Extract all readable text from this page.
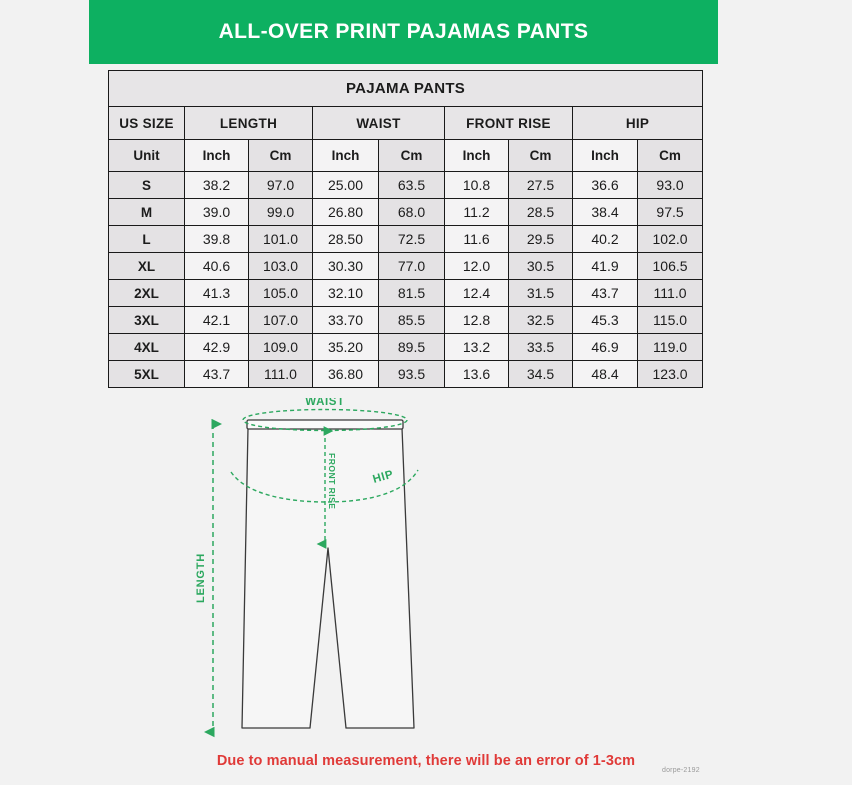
ALL-OVER PRINT PAJAMAS PANTS
PAJAMA PANTS								
US SIZE	LENGTH		WAIST		FRONT RISE		HIP	
Unit	Inch	Cm	Inch	Cm	Inch	Cm	Inch	Cm
S	38.2	97.0	25.00	63.5	10.8	27.5	36.6	93.0
M	39.0	99.0	26.80	68.0	11.2	28.5	38.4	97.5
L	39.8	101.0	28.50	72.5	11.6	29.5	40.2	102.0
XL	40.6	103.0	30.30	77.0	12.0	30.5	41.9	106.5
2XL	41.3	105.0	32.10	81.5	12.4	31.5	43.7	111.0
3XL	42.1	107.0	33.70	85.5	12.8	32.5	45.3	115.0
4XL	42.9	109.0	35.20	89.5	13.2	33.5	46.9	119.0
5XL	43.7	111.0	36.80	93.5	13.6	34.5	48.4	123.0
WAIST
HIP
FRONT RISE
LENGTH
Due to manual measurement, there will be an error of 1-3cm
dorpe-2192
